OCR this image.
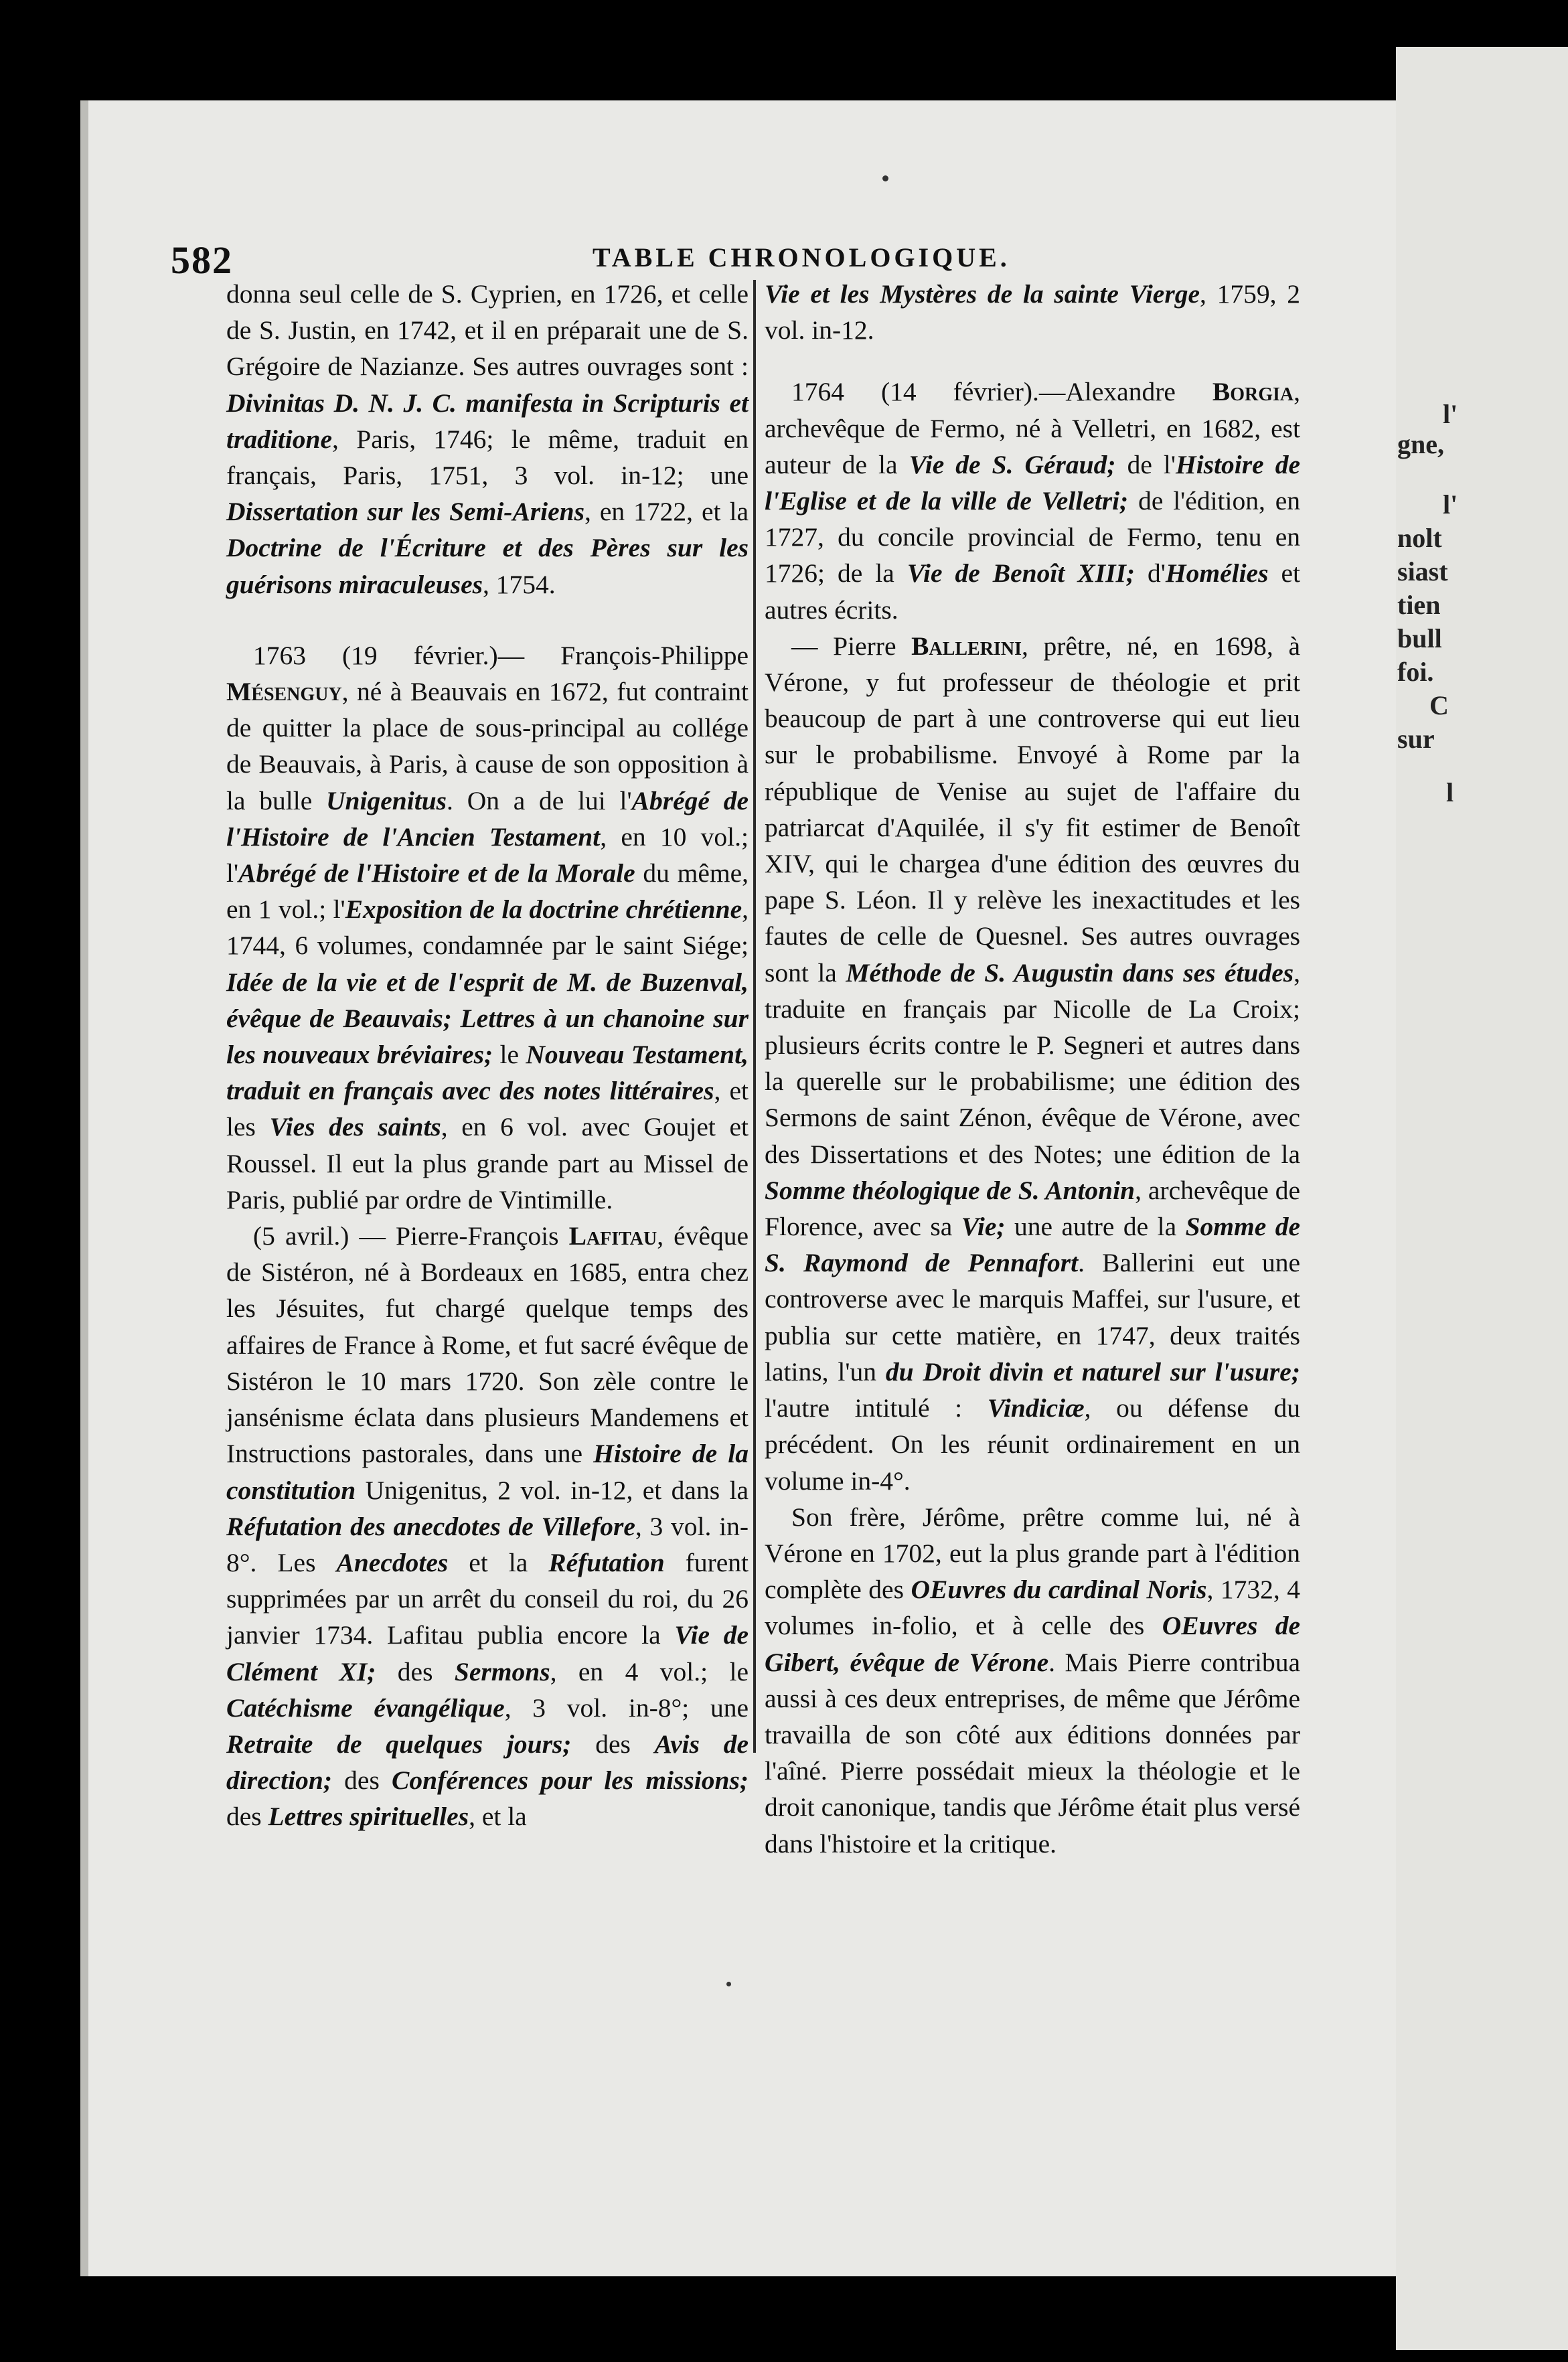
l'
gne,
l'
nolt
siast
tien
bull
foi.
C
sur
l
582	TABLE CHRONOLOGIQUE.

donna seul celle de S. Cyprien, en 1726, et celle de S. Justin, en 1742, et il en préparait une de S. Grégoire de Nazianze. Ses autres ouvrages sont : Divinitas D. N. J. C. manifesta in Scripturis et traditione, Paris, 1746; le même, traduit en français, Paris, 1751, 3 vol. in-12; une Dissertation sur les Semi-Ariens, en 1722, et la Doctrine de l'Écriture et des Pères sur les guérisons miraculeuses, 1754.

1763 (19 février.)— François-Philippe Mésenguy, né à Beauvais en 1672, fut contraint de quitter la place de sous-principal au collége de Beauvais, à Paris, à cause de son opposition à la bulle Unigenitus. On a de lui l'Abrégé de l'Histoire de l'Ancien Testament, en 10 vol.; l'Abrégé de l'Histoire et de la Morale du même, en 1 vol.; l'Exposition de la doctrine chrétienne, 1744, 6 volumes, condamnée par le saint Siége; Idée de la vie et de l'esprit de M. de Buzenval, évêque de Beauvais; Lettres à un chanoine sur les nouveaux bréviaires; le Nouveau Testament, traduit en français avec des notes littéraires, et les Vies des saints, en 6 vol. avec Goujet et Roussel. Il eut la plus grande part au Missel de Paris, publié par ordre de Vintimille.

(5 avril.) — Pierre-François Lafitau, évêque de Sistéron, né à Bordeaux en 1685, entra chez les Jésuites, fut chargé quelque temps des affaires de France à Rome, et fut sacré évêque de Sistéron le 10 mars 1720. Son zèle contre le jansénisme éclata dans plusieurs Mandemens et Instructions pastorales, dans une Histoire de la constitution Unigenitus, 2 vol. in-12, et dans la Réfutation des anecdotes de Villefore, 3 vol. in-8°. Les Anecdotes et la Réfutation furent supprimées par un arrêt du conseil du roi, du 26 janvier 1734. Lafitau publia encore la Vie de Clément XI; des Sermons, en 4 vol.; le Catéchisme évangélique, 3 vol. in-8°; une Retraite de quelques jours; des Avis de direction; des Conférences pour les missions; des Lettres spirituelles, et la

Vie et les Mystères de la sainte Vierge, 1759, 2 vol. in-12.

1764 (14 février).—Alexandre Borgia, archevêque de Fermo, né à Velletri, en 1682, est auteur de la Vie de S. Géraud; de l'Histoire de l'Eglise et de la ville de Velletri; de l'édition, en 1727, du concile provincial de Fermo, tenu en 1726; de la Vie de Benoît XIII; d'Homélies et autres écrits.

— Pierre Ballerini, prêtre, né, en 1698, à Vérone, y fut professeur de théologie et prit beaucoup de part à une controverse qui eut lieu sur le probabilisme. Envoyé à Rome par la république de Venise au sujet de l'affaire du patriarcat d'Aquilée, il s'y fit estimer de Benoît XIV, qui le chargea d'une édition des œuvres du pape S. Léon. Il y relève les inexactitudes et les fautes de celle de Quesnel. Ses autres ouvrages sont la Méthode de S. Augustin dans ses études, traduite en français par Nicolle de La Croix; plusieurs écrits contre le P. Segneri et autres dans la querelle sur le probabilisme; une édition des Sermons de saint Zénon, évêque de Vérone, avec des Dissertations et des Notes; une édition de la Somme théologique de S. Antonin, archevêque de Florence, avec sa Vie; une autre de la Somme de S. Raymond de Pennafort. Ballerini eut une controverse avec le marquis Maffei, sur l'usure, et publia sur cette matière, en 1747, deux traités latins, l'un du Droit divin et naturel sur l'usure; l'autre intitulé : Vindiciæ, ou défense du précédent. On les réunit ordinairement en un volume in-4°.

Son frère, Jérôme, prêtre comme lui, né à Vérone en 1702, eut la plus grande part à l'édition complète des OEuvres du cardinal Noris, 1732, 4 volumes in-folio, et à celle des OEuvres de Gibert, évêque de Vérone. Mais Pierre contribua aussi à ces deux entreprises, de même que Jérôme travailla de son côté aux éditions données par l'aîné. Pierre possédait mieux la théologie et le droit canonique, tandis que Jérôme était plus versé dans l'histoire et la critique.
